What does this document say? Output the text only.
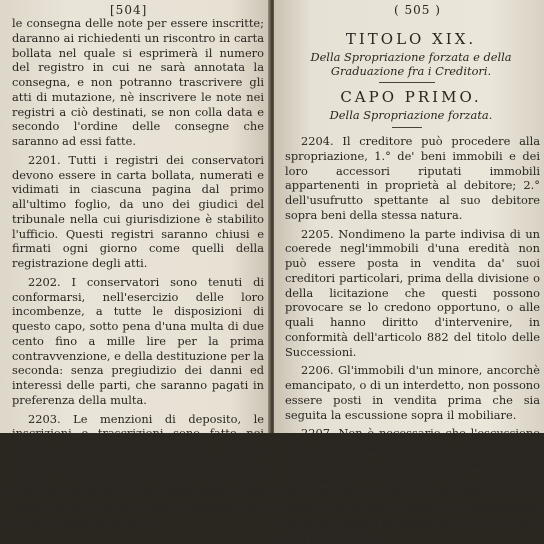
[504]

le consegna delle note per essere inscritte; daranno ai richiedenti un riscontro in carta bollata nel quale si esprimerà il numero del registro in cui ne sarà annotata la consegna, e non potranno trascrivere gli atti di mutazione, nè inscrivere le note nei registri a ciò destinati, se non colla data e secondo l'ordine delle consegne che saranno ad essi fatte.

2201. Tutti i registri dei conservatori devono essere in carta bollata, numerati e vidimati in ciascuna pagina dal primo all'ultimo foglio, da uno dei giudici del tribunale nella cui giurisdizione è stabilito l'ufficio. Questi registri saranno chiusi e firmati ogni giorno come quelli della registrazione degli atti.

2202. I conservatori sono tenuti di conformarsi, nell'esercizio delle loro incombenze, a tutte le disposizioni di questo capo, sotto pena d'una multa di due cento fino a mille lire per la prima contravvenzione, e della destituzione per la seconda: senza pregiudizio dei danni ed interessi delle parti, che saranno pagati in preferenza della multa.

2203. Le menzioni di deposito, le inscrizioni e trascrizioni sono fatte nei registri, di seguito, senza lasciare veruno spazio in bianco od interlinee, sotto pena, contro il conservatore, di mille fino a due mila lire di multa, e del risarcimento dei danni ed interessi delle parti, pagabili pure in preferenza della multa.

( 505 )

TITOLO XIX.

Della Spropriazione forzata e della Graduazione fra i Creditori.

CAPO PRIMO.

Della Spropriazione forzata.

2204. Il creditore può procedere alla spropriazione, 1.° de' beni immobili e dei loro accessori riputati immobili appartenenti in proprietà al debitore; 2.° dell'usufrutto spettante al suo debitore sopra beni della stessa natura.

2205. Nondimeno la parte indivisa di un coerede negl'immobili d'una eredità non può essere posta in vendita da' suoi creditori particolari, prima della divisione o della licitazione che questi possono provocare se lo credono opportuno, o alle quali hanno diritto d'intervenire, in conformità dell'articolo 882 del titolo delle Successioni.

2206. Gl'immobili d'un minore, ancorchè emancipato, o di un interdetto, non possono essere posti in vendita prima che sia seguita la escussione sopra il mobiliare.

2207. Non è necessario che l'escussione sopra il mobiliare preceda la spropriazione degli immobili posseduti indivisamente tra un maggiore ed un minore o un interdetto, se il debito è comune fra essi, o se le istanze giudiziali si sono preventivamente proposte contro un maggiore, ovvero prima dell'interdizione.
